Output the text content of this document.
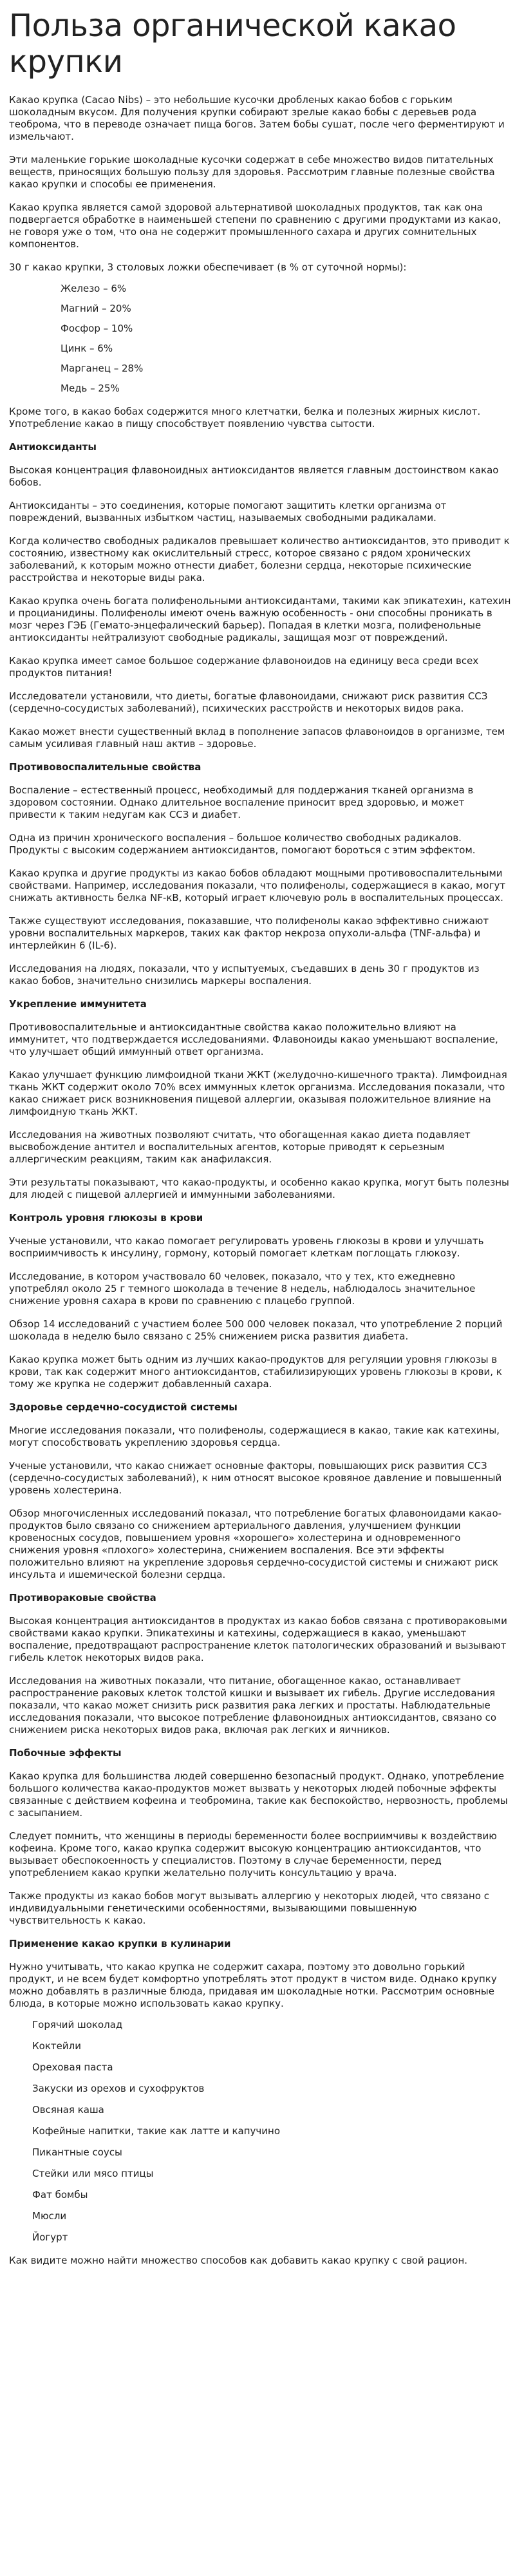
Польза органической какао крупки

Какао крупка (Cacao Nibs) – это небольшие кусочки дробленых какао бобов с горьким шоколадным вкусом. Для получения крупки собирают зрелые какао бобы с деревьев рода теоброма, что в переводе означает пища богов. Затем бобы сушат, после чего ферментируют и измельчают.

Эти маленькие горькие шоколадные кусочки содержат в себе множество видов питательных веществ, приносящих большую пользу для здоровья. Рассмотрим главные полезные свойства какао крупки и способы ее применения.

Какао крупка является самой здоровой альтернативой шоколадных продуктов, так как она подвергается обработке в наименьшей степени по сравнению с другими продуктами из какао, не говоря уже о том, что она не содержит промышленного сахара и других сомнительных компонентов.

30 г какао крупки, 3 столовых ложки обеспечивает (в % от суточной нормы):

Железо – 6%
Магний – 20%
Фосфор – 10%
Цинк – 6%
Марганец – 28%
Медь – 25%

Кроме того, в какао бобах содержится много клетчатки, белка и полезных жирных кислот. Употребление какао в пищу способствует появлению чувства сытости.

Антиоксиданты

Высокая концентрация флавоноидных антиоксидантов является главным достоинством какао бобов.

Антиоксиданты – это соединения, которые помогают защитить клетки организма от повреждений, вызванных избытком частиц, называемых свободными радикалами.

Когда количество свободных радикалов превышает количество антиоксидантов, это приводит к состоянию, известному как окислительный стресс, которое связано с рядом хронических заболеваний, к которым можно отнести диабет, болезни сердца, некоторые психические расстройства и некоторые виды рака.

Какао крупка очень богата полифенольными антиоксидантами, такими как эпикатехин, катехин и процианидины. Полифенолы имеют очень важную особенность - они способны проникать в мозг через ГЭБ (Гемато-энцефалический барьер). Попадая в клетки мозга, полифенольные антиоксиданты нейтрализуют свободные радикалы, защищая мозг от повреждений.

Какао крупка имеет самое большое содержание флавоноидов на единицу веса среди всех продуктов питания!

Исследователи установили, что диеты, богатые флавоноидами, снижают риск развития ССЗ (сердечно-сосудистых заболеваний), психических расстройств и некоторых видов рака.

Какао может внести существенный вклад в пополнение запасов флавоноидов в организме, тем самым усиливая главный наш актив – здоровье.

Противовоспалительные свойства

Воспаление – естественный процесс, необходимый для поддержания тканей организма в здоровом состоянии. Однако длительное воспаление приносит вред здоровью, и может привести к таким недугам как ССЗ и диабет.

Одна из причин хронического воспаления – большое количество свободных радикалов. Продукты с высоким содержанием антиоксидантов, помогают бороться с этим эффектом.

Какао крупка и другие продукты из какао бобов обладают мощными противовоспалительными свойствами. Например, исследования показали, что полифенолы, содержащиеся в какао, могут снижать активность белка NF-кВ, который играет ключевую роль в воспалительных процессах.

Также существуют исследования, показавшие, что полифенолы какао эффективно снижают уровни воспалительных маркеров, таких как фактор некроза опухоли-альфа (TNF-альфа) и интерлейкин 6 (IL-6).

Исследования на людях, показали, что у испытуемых, съедавших в день 30 г продуктов из какао бобов, значительно снизились маркеры воспаления.

Укрепление иммунитета

Противовоспалительные и антиоксидантные свойства какао положительно влияют на иммунитет, что подтверждается исследованиями. Флавоноиды какао уменьшают воспаление, что улучшает общий иммунный ответ организма.

Какао улучшает функцию лимфоидной ткани ЖКТ (желудочно-кишечного тракта). Лимфоидная ткань ЖКТ содержит около 70% всех иммунных клеток организма. Исследования показали, что какао снижает риск возникновения пищевой аллергии, оказывая положительное влияние на лимфоидную ткань ЖКТ.

Исследования на животных позволяют считать, что обогащенная какао диета подавляет высвобождение антител и воспалительных агентов, которые приводят к серьезным аллергическим реакциям, таким как анафилаксия.

Эти результаты показывают, что какао-продукты, и особенно какао крупка, могут быть полезны для людей с пищевой аллергией и иммунными заболеваниями.

Контроль уровня глюкозы в крови

Ученые установили, что какао помогает регулировать уровень глюкозы в крови и улучшать восприимчивость к инсулину, гормону, который помогает клеткам поглощать глюкозу.

Исследование, в котором участвовало 60 человек, показало, что у тех, кто ежедневно употреблял около 25 г темного шоколада в течение 8 недель, наблюдалось значительное снижение уровня сахара в крови по сравнению с плацебо группой.

Обзор 14 исследований с участием более 500 000 человек показал, что употребление 2 порций шоколада в неделю было связано с 25% снижением риска развития диабета.

Какао крупка может быть одним из лучших какао-продуктов для регуляции уровня глюкозы в крови, так как содержит много антиоксидантов, стабилизирующих уровень глюкозы в крови, к тому же крупка не содержит добавленный сахара.

Здоровье сердечно-сосудистой системы

Многие исследования показали, что полифенолы, содержащиеся в какао, такие как катехины, могут способствовать укреплению здоровья сердца.

Ученые установили, что какао снижает основные факторы, повышающих риск развития ССЗ (сердечно-сосудистых заболеваний), к ним относят высокое кровяное давление и повышенный уровень холестерина.

Обзор многочисленных исследований показал, что потребление богатых флавоноидами какао-продуктов было связано со снижением артериального давления, улучшением функции кровеносных сосудов, повышением уровня «хорошего» холестерина и одновременного снижения уровня «плохого» холестерина, снижением воспаления. Все эти эффекты положительно влияют на укрепление здоровья сердечно-сосудистой системы и снижают риск инсульта и ишемической болезни сердца.

Противораковые свойства

Высокая концентрация антиоксидантов в продуктах из какао бобов связана с противораковыми свойствами какао крупки. Эпикатехины и катехины, содержащиеся в какао, уменьшают воспаление, предотвращают распространение клеток патологических образований и вызывают гибель клеток некоторых видов рака.

Исследования на животных показали, что питание, обогащенное какао, останавливает распространение раковых клеток толстой кишки и вызывает их гибель. Другие исследования показали, что какао может снизить риск развития рака легких и простаты. Наблюдательные исследования показали, что высокое потребление флавоноидных антиоксидантов, связано со снижением риска некоторых видов рака, включая рак легких и яичников.

Побочные эффекты

Какао крупка для большинства людей совершенно безопасный продукт. Однако, употребление большого количества какао-продуктов может вызвать у некоторых людей побочные эффекты связанные с действием кофеина и теобромина, такие как беспокойство, нервозность, проблемы с засыпанием.

Следует помнить, что женщины в периоды беременности более восприимчивы к воздействию кофеина. Кроме того, какао крупка содержит высокую концентрацию антиоксидантов, что вызывает обеспокоенность у специалистов. Поэтому в случае беременности, перед употреблением какао крупки желательно получить консультацию у врача.

Также продукты из какао бобов могут вызывать аллергию у некоторых людей, что связано с индивидуальными генетическими особенностями, вызывающими повышенную чувствительность к какао.

Применение какао крупки в кулинарии

Нужно учитывать, что какао крупка не содержит сахара, поэтому это довольно горький продукт, и не всем будет комфортно употреблять этот продукт в чистом виде. Однако крупку можно добавлять в различные блюда, придавая им шоколадные нотки. Рассмотрим основные блюда, в которые можно использовать какао крупку.

Горячий шоколад
Коктейли
Ореховая паста
Закуски из орехов и сухофруктов
Овсяная каша
Кофейные напитки, такие как латте и капучино
Пикантные соусы
Стейки или мясо птицы
Фат бомбы
Мюсли
Йогурт

Как видите можно найти множество способов как добавить какао крупку с свой рацион.
